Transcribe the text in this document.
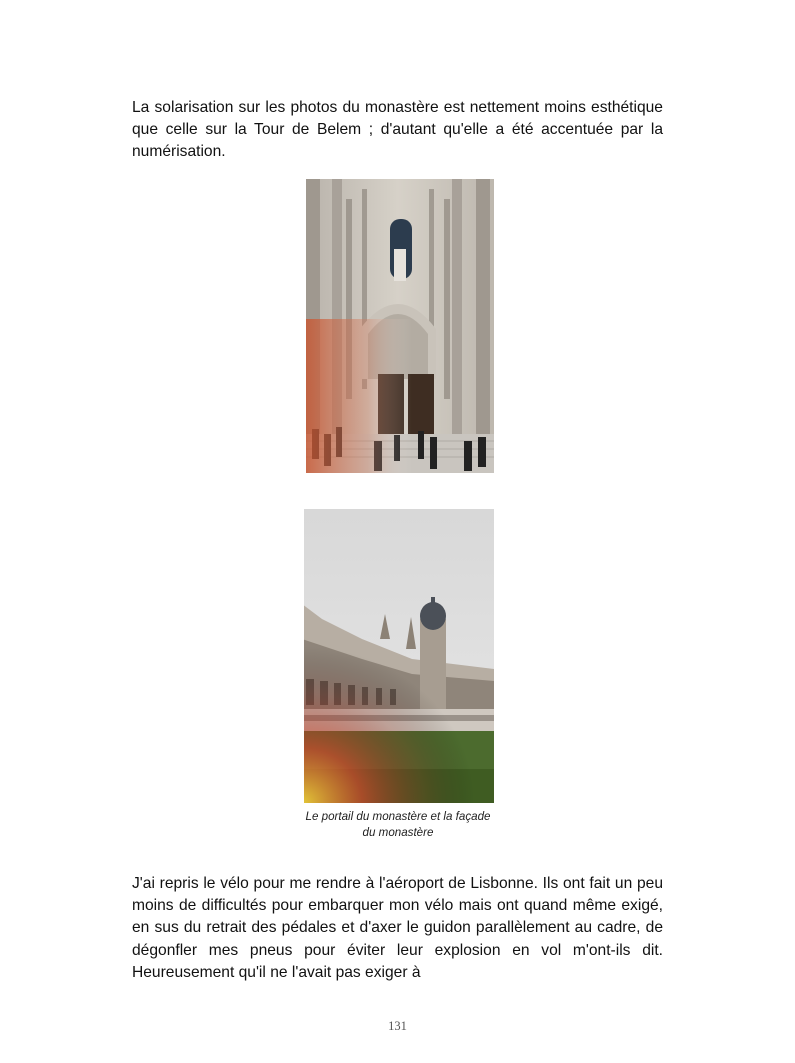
La solarisation sur les photos du monastère est nettement moins esthétique que celle sur la Tour de Belem ; d'autant qu'elle a été accentuée par la numérisation.

Le portail du monastère et la façade du monastère

J'ai repris le vélo pour me rendre à l'aéroport de Lisbonne. Ils ont fait un peu moins de difficultés pour embarquer mon vélo mais ont quand même exigé, en sus du retrait des pédales et d'axer le guidon parallèlement au cadre, de dégonfler mes pneus pour éviter leur explosion en vol m'ont-ils dit. Heureusement qu'il ne l'avait pas exiger à

131
